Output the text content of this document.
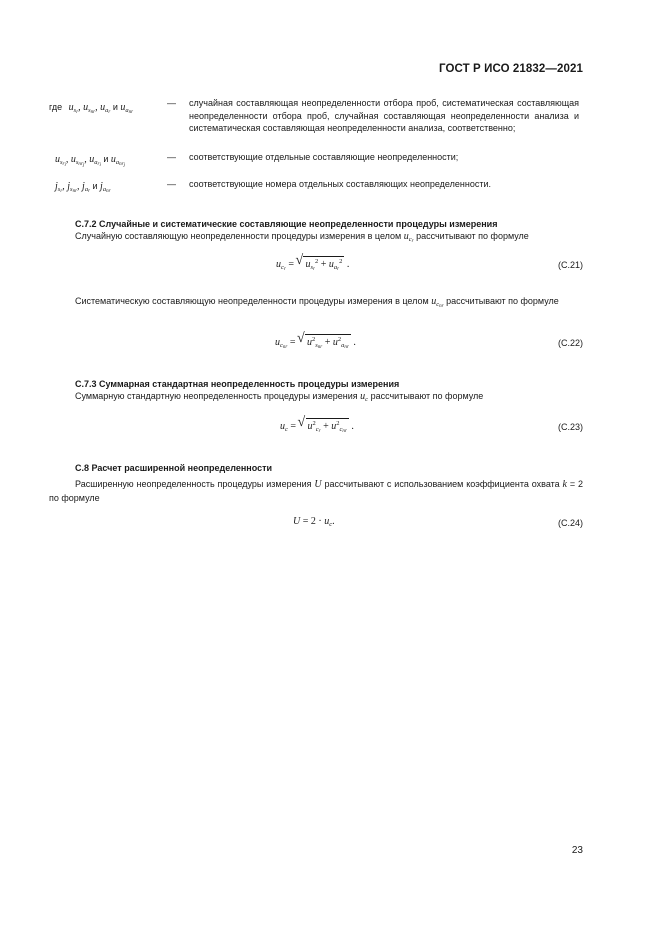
ГОСТ Р ИСО 21832—2021
где $u_{s_r}$, $u_{s_{nr}}$, $u_{a_r}$ и $u_{a_{nr}}$
— случайная составляющая неопределенности отбора проб, систематическая составляющая неопределенности отбора проб, случайная составляющая неопределенности анализа и систематическая составляющая неопределенности анализа, соответственно;
$u_{s_{r_i}}$, $u_{s_{nr_j}}$, $u_{a_{r_i}}$ и $u_{a_{nr_j}}$
— соответствующие отдельные составляющие неопределенности;
$j_{s_r}$, $j_{s_{nr}}$, $j_{a_r}$ и $j_{a_{nr}}$
— соответствующие номера отдельных составляющих неопределенности.
С.7.2 Случайные и систематические составляющие неопределенности процедуры измерения
Случайную составляющую неопределенности процедуры измерения в целом $u_{c_r}$ рассчитывают по формуле
$u_{c_r}$ = √ $u_{s_r}^2 + u_{a_r}^2$ .	(C.21)
Систематическую составляющую неопределенности процедуры измерения в целом $u_{c_{nr}}$ рассчитывают по формуле
$u_{c_{nr}}$ = √ $u^2_{s_{nr}} + u^2_{a_{nr}}$ .	(C.22)
С.7.3 Суммарная стандартная неопределенность процедуры измерения
Суммарную стандартную неопределенность процедуры измерения $u_c$ рассчитывают по формуле
$u_c$ = √ $u^2_{c_r} + u^2_{c_{nr}}$ .	(C.23)
С.8 Расчет расширенной неопределенности
Расширенную неопределенность процедуры измерения U рассчитывают с использованием коэффициента охвата k = 2 по формуле
$U = 2 \cdot u_c$.	(C.24)
23
